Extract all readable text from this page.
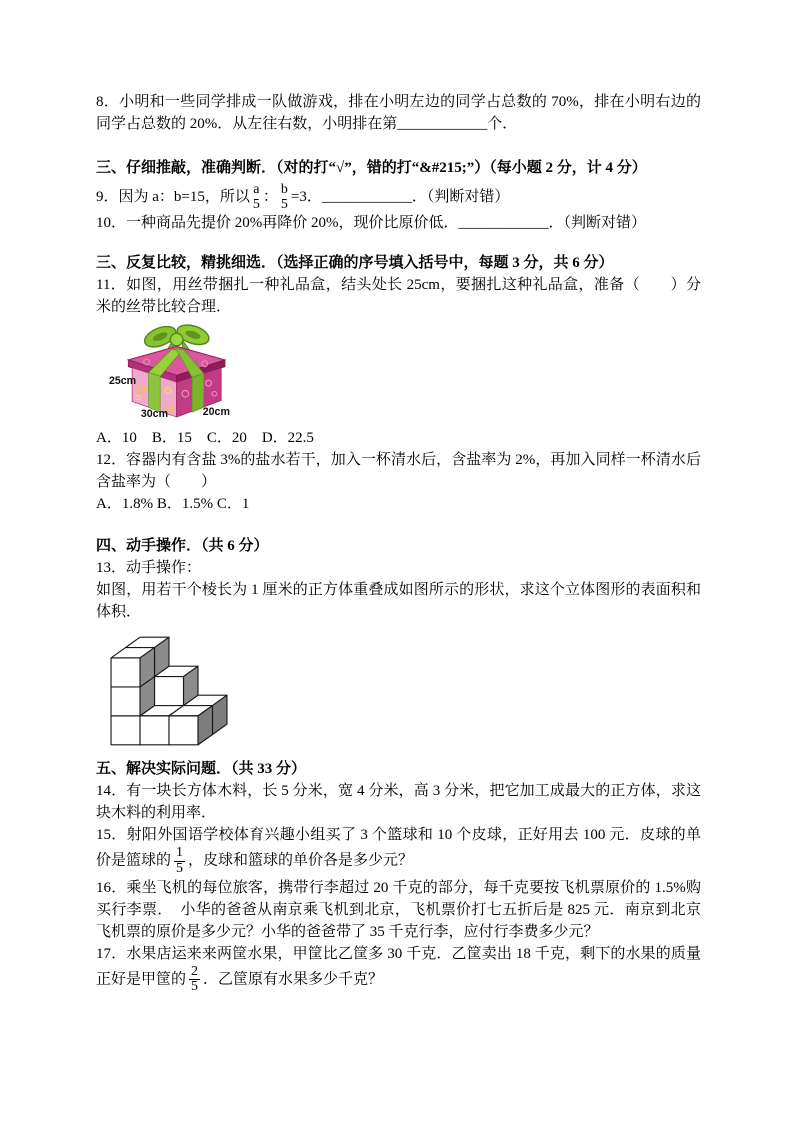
8．小明和一些同学排成一队做游戏，排在小明左边的同学占总数的 70%，排在小明右边的同学占总数的 20%．从左往右数，小明排在第____________个．

三、仔细推敲，准确判断．（对的打“√”，错的打“&#215;”）（每小题 2 分，计 4 分）

9．因为 a：b=15，所以 a
5 ： b
5 =3．____________．（判断对错）

10．一种商品先提价 20%再降价 20%，现价比原价低．____________．（判断对错）

三、反复比较，精挑细选．（选择正确的序号填入括号中，每题 3 分，共 6 分）

11．如图，用丝带捆扎一种礼品盒，结头处长 25cm，要捆扎这种礼品盒，准备（　　）分米的丝带比较合理．

25cm
30cm	20cm

A．10　B．15　C．20　D．22.5

12．容器内有含盐 3%的盐水若干，加入一杯清水后，含盐率为 2%，再加入同样一杯清水后含盐率为（　　）

A．1.8% B．1.5% C．1

四、动手操作．（共 6 分）

13．动手操作：

如图，用若干个棱长为 1 厘米的正方体重叠成如图所示的形状，求这个立体图形的表面积和体积．

五、解决实际问题．（共 33 分）

14．有一块长方体木料，长 5 分米，宽 4 分米，高 3 分米，把它加工成最大的正方体，求这块木料的利用率．

15．射阳外国语学校体育兴趣小组买了 3 个篮球和 10 个皮球，正好用去 100 元．皮球的单价是篮球的 $\frac{1}{5}$ ，皮球和篮球的单价各是多少元？

16．乘坐飞机的每位旅客，携带行李超过 20 千克的部分，每千克要按飞机票原价的 1.5%购买行李票．　小华的爸爸从南京乘飞机到北京，飞机票价打七五折后是 825 元．南京到北京飞机票的原价是多少元？小华的爸爸带了 35 千克行李，应付行李费多少元？

17．水果店运来来两筐水果，甲筐比乙筐多 30 千克．乙筐卖出 18 千克，剩下的水果的质量正好是甲筐的 $\frac{2}{5}$ ．乙筐原有水果多少千克？
